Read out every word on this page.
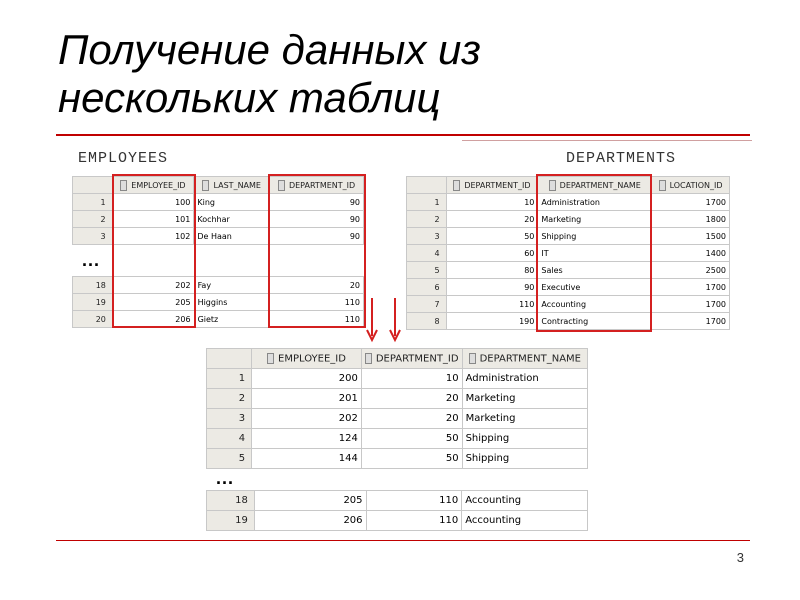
Получение данных из
нескольких таблиц
EMPLOYEES	DEPARTMENTS
	EMPLOYEE_ID	LAST_NAME	DEPARTMENT_ID
1	100	King	90
2	101	Kochhar	90
3	102	De Haan	90
...
18	202	Fay	20
19	205	Higgins	110
20	206	Gietz	110
	DEPARTMENT_ID	DEPARTMENT_NAME	LOCATION_ID
1	10	Administration	1700
2	20	Marketing	1800
3	50	Shipping	1500
4	60	IT	1400
5	80	Sales	2500
6	90	Executive	1700
7	110	Accounting	1700
8	190	Contracting	1700
	EMPLOYEE_ID	DEPARTMENT_ID	DEPARTMENT_NAME
1	200	10	Administration
2	201	20	Marketing
3	202	20	Marketing
4	124	50	Shipping
5	144	50	Shipping
...
18	205	110	Accounting
19	206	110	Accounting
3
